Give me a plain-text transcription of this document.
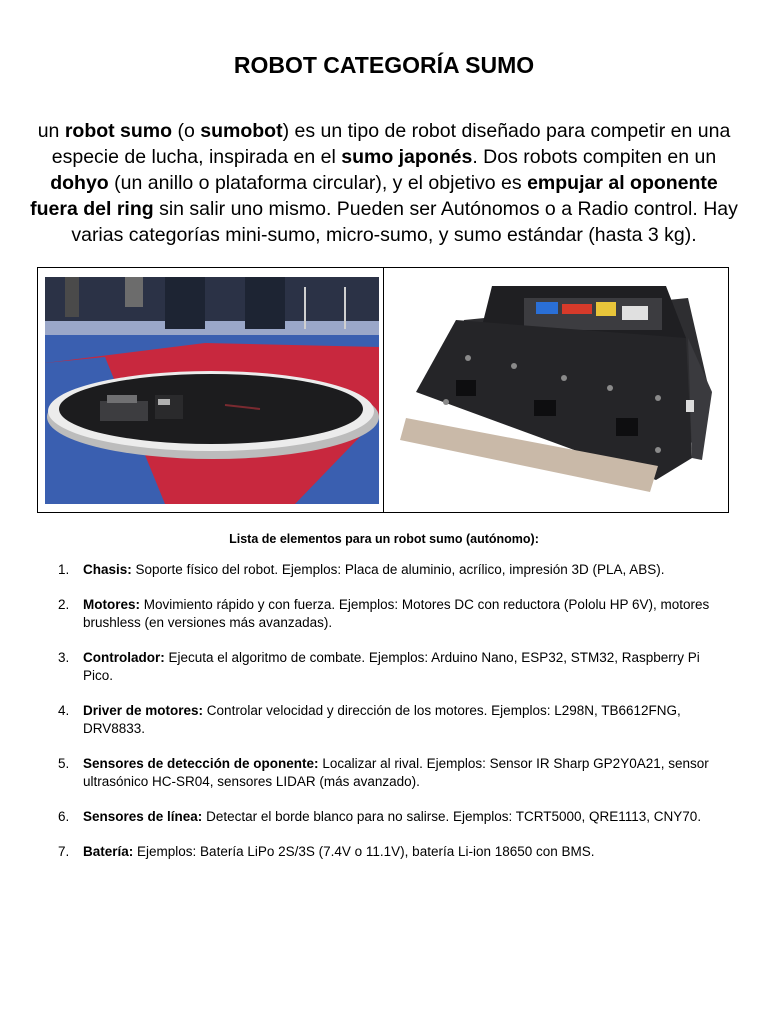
ROBOT CATEGORÍA SUMO

un robot sumo (o sumobot) es un tipo de robot diseñado para competir en una especie de lucha, inspirada en el sumo japonés. Dos robots compiten en un dohyo (un anillo o plataforma circular), y el objetivo es empujar al oponente fuera del ring sin salir uno mismo. Pueden ser Autónomos o a Radio control. Hay varias categorías mini-sumo, micro-sumo, y sumo estándar (hasta 3 kg).

Lista de elementos para un robot sumo (autónomo):
1. Chasis: Soporte físico del robot. Ejemplos: Placa de aluminio, acrílico, impresión 3D (PLA, ABS).
2. Motores: Movimiento rápido y con fuerza. Ejemplos: Motores DC con reductora (Pololu HP 6V), motores brushless (en versiones más avanzadas).
3. Controlador: Ejecuta el algoritmo de combate. Ejemplos: Arduino Nano, ESP32, STM32, Raspberry Pi Pico.
4. Driver de motores: Controlar velocidad y dirección de los motores. Ejemplos: L298N, TB6612FNG, DRV8833.
5. Sensores de detección de oponente: Localizar al rival. Ejemplos: Sensor IR Sharp GP2Y0A21, sensor ultrasónico HC-SR04, sensores LIDAR (más avanzado).
6. Sensores de línea: Detectar el borde blanco para no salirse. Ejemplos: TCRT5000, QRE1113, CNY70.
7. Batería: Ejemplos: Batería LiPo 2S/3S (7.4V o 11.1V), batería Li-ion 18650 con BMS.
